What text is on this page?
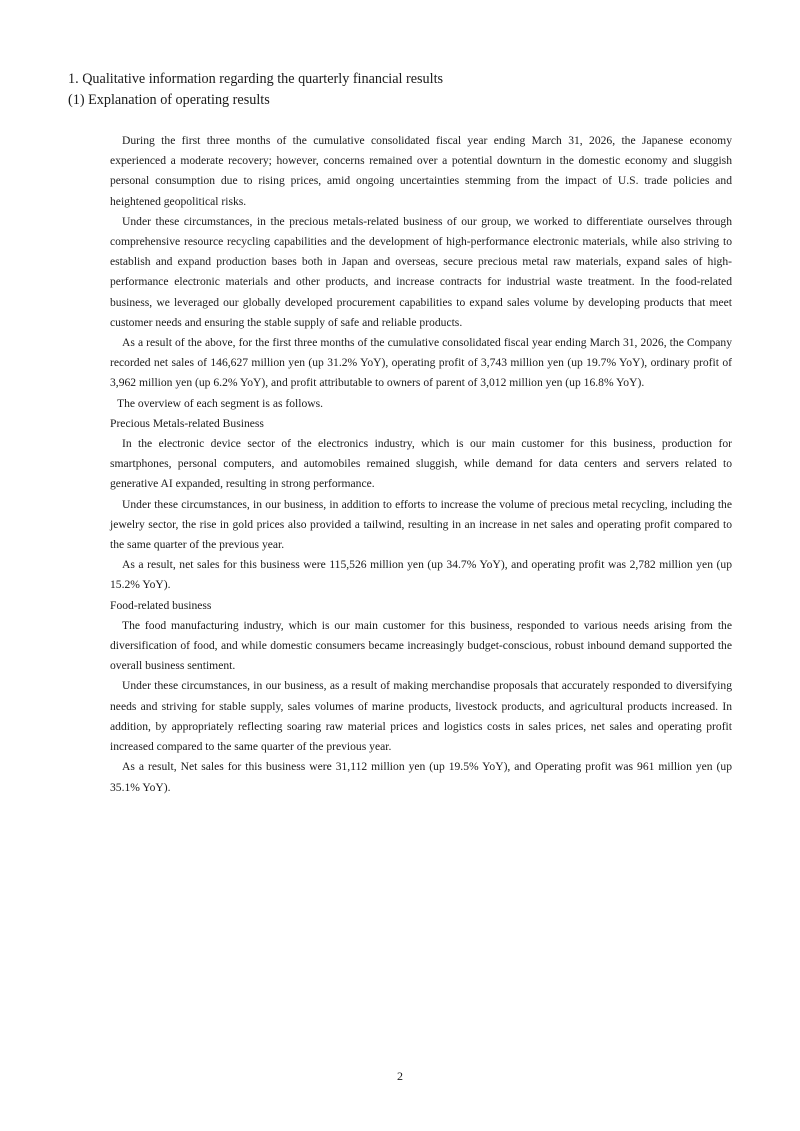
1. Qualitative information regarding the quarterly financial results
(1) Explanation of operating results

During the first three months of the cumulative consolidated fiscal year ending March 31, 2026, the Japanese economy experienced a moderate recovery; however, concerns remained over a potential downturn in the domestic economy and sluggish personal consumption due to rising prices, amid ongoing uncertainties stemming from the impact of U.S. trade policies and heightened geopolitical risks.

Under these circumstances, in the precious metals-related business of our group, we worked to differentiate ourselves through comprehensive resource recycling capabilities and the development of high-performance electronic materials, while also striving to establish and expand production bases both in Japan and overseas, secure precious metal raw materials, expand sales of high-performance electronic materials and other products, and increase contracts for industrial waste treatment. In the food-related business, we leveraged our globally developed procurement capabilities to expand sales volume by developing products that meet customer needs and ensuring the stable supply of safe and reliable products.

As a result of the above, for the first three months of the cumulative consolidated fiscal year ending March 31, 2026, the Company recorded net sales of 146,627 million yen (up 31.2% YoY), operating profit of 3,743 million yen (up 19.7% YoY), ordinary profit of 3,962 million yen (up 6.2% YoY), and profit attributable to owners of parent of 3,012 million yen (up 16.8% YoY).

The overview of each segment is as follows.
Precious Metals-related Business

In the electronic device sector of the electronics industry, which is our main customer for this business, production for smartphones, personal computers, and automobiles remained sluggish, while demand for data centers and servers related to generative AI expanded, resulting in strong performance.

Under these circumstances, in our business, in addition to efforts to increase the volume of precious metal recycling, including the jewelry sector, the rise in gold prices also provided a tailwind, resulting in an increase in net sales and operating profit compared to the same quarter of the previous year.

As a result, net sales for this business were 115,526 million yen (up 34.7% YoY), and operating profit was 2,782 million yen (up 15.2% YoY).

Food-related business

The food manufacturing industry, which is our main customer for this business, responded to various needs arising from the diversification of food, and while domestic consumers became increasingly budget-conscious, robust inbound demand supported the overall business sentiment.

Under these circumstances, in our business, as a result of making merchandise proposals that accurately responded to diversifying needs and striving for stable supply, sales volumes of marine products, livestock products, and agricultural products increased. In addition, by appropriately reflecting soaring raw material prices and logistics costs in sales prices, net sales and operating profit increased compared to the same quarter of the previous year.

As a result, Net sales for this business were 31,112 million yen (up 19.5% YoY), and Operating profit was 961 million yen (up 35.1% YoY).

2
